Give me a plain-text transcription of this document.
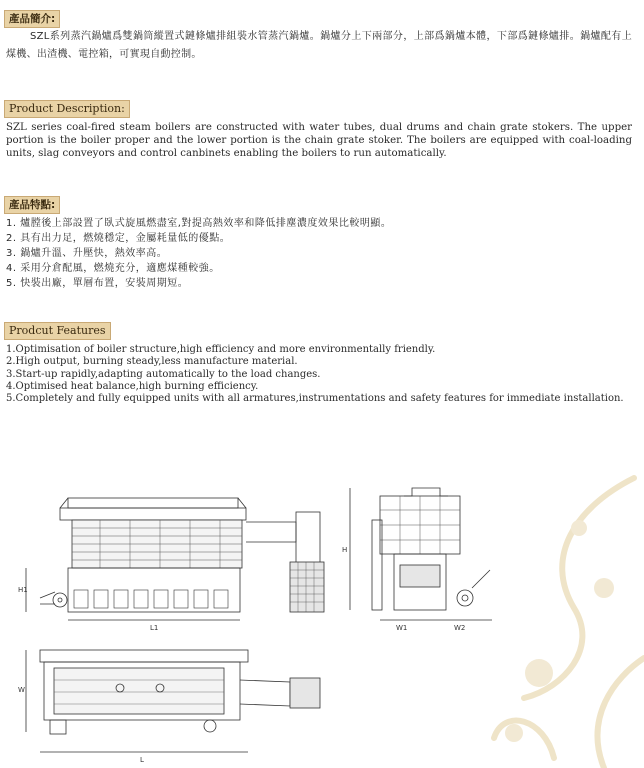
產品簡介:

SZL系列蒸汽鍋爐爲雙鍋筒縱置式鏈條爐排組裝水管蒸汽鍋爐。鍋爐分上下兩部分，上部爲鍋爐本體，下部爲鏈條爐排。鍋爐配有上煤機、出渣機、電控箱，可實現自動控制。

Product Description:

SZL series coal-fired steam boilers are constructed with water tubes, dual drums and chain grate stokers. The upper portion is the boiler proper and the lower portion is the chain grate stoker. The boilers are equipped with coal-loading units, slag conveyors and control canbinets enabling the boilers to run automatically.

產品特點:
1. 爐膛後上部設置了臥式旋風燃盡室,對提高熱效率和降低排塵濃度效果比較明顯。
2. 具有出力足，燃燒穩定，金屬耗量低的優點。
3. 鍋爐升溫、升壓快，熱效率高。
4. 采用分倉配風，燃燒充分，適應煤種較強。
5. 快裝出廠，單層布置，安裝周期短。
Prodcut Features
1.Optimisation of boiler structure,high efficiency and more environmentally friendly.
2.High output, burning steady,less manufacture material.
3.Start-up rapidly,adapting automatically to the load changes.
4.Optimised heat balance,high burning efficiency.
5.Completely and fully equipped units with all armatures,instrumentations and safety features for immediate installation.
H1
L1
H
W1	W2
W
L
